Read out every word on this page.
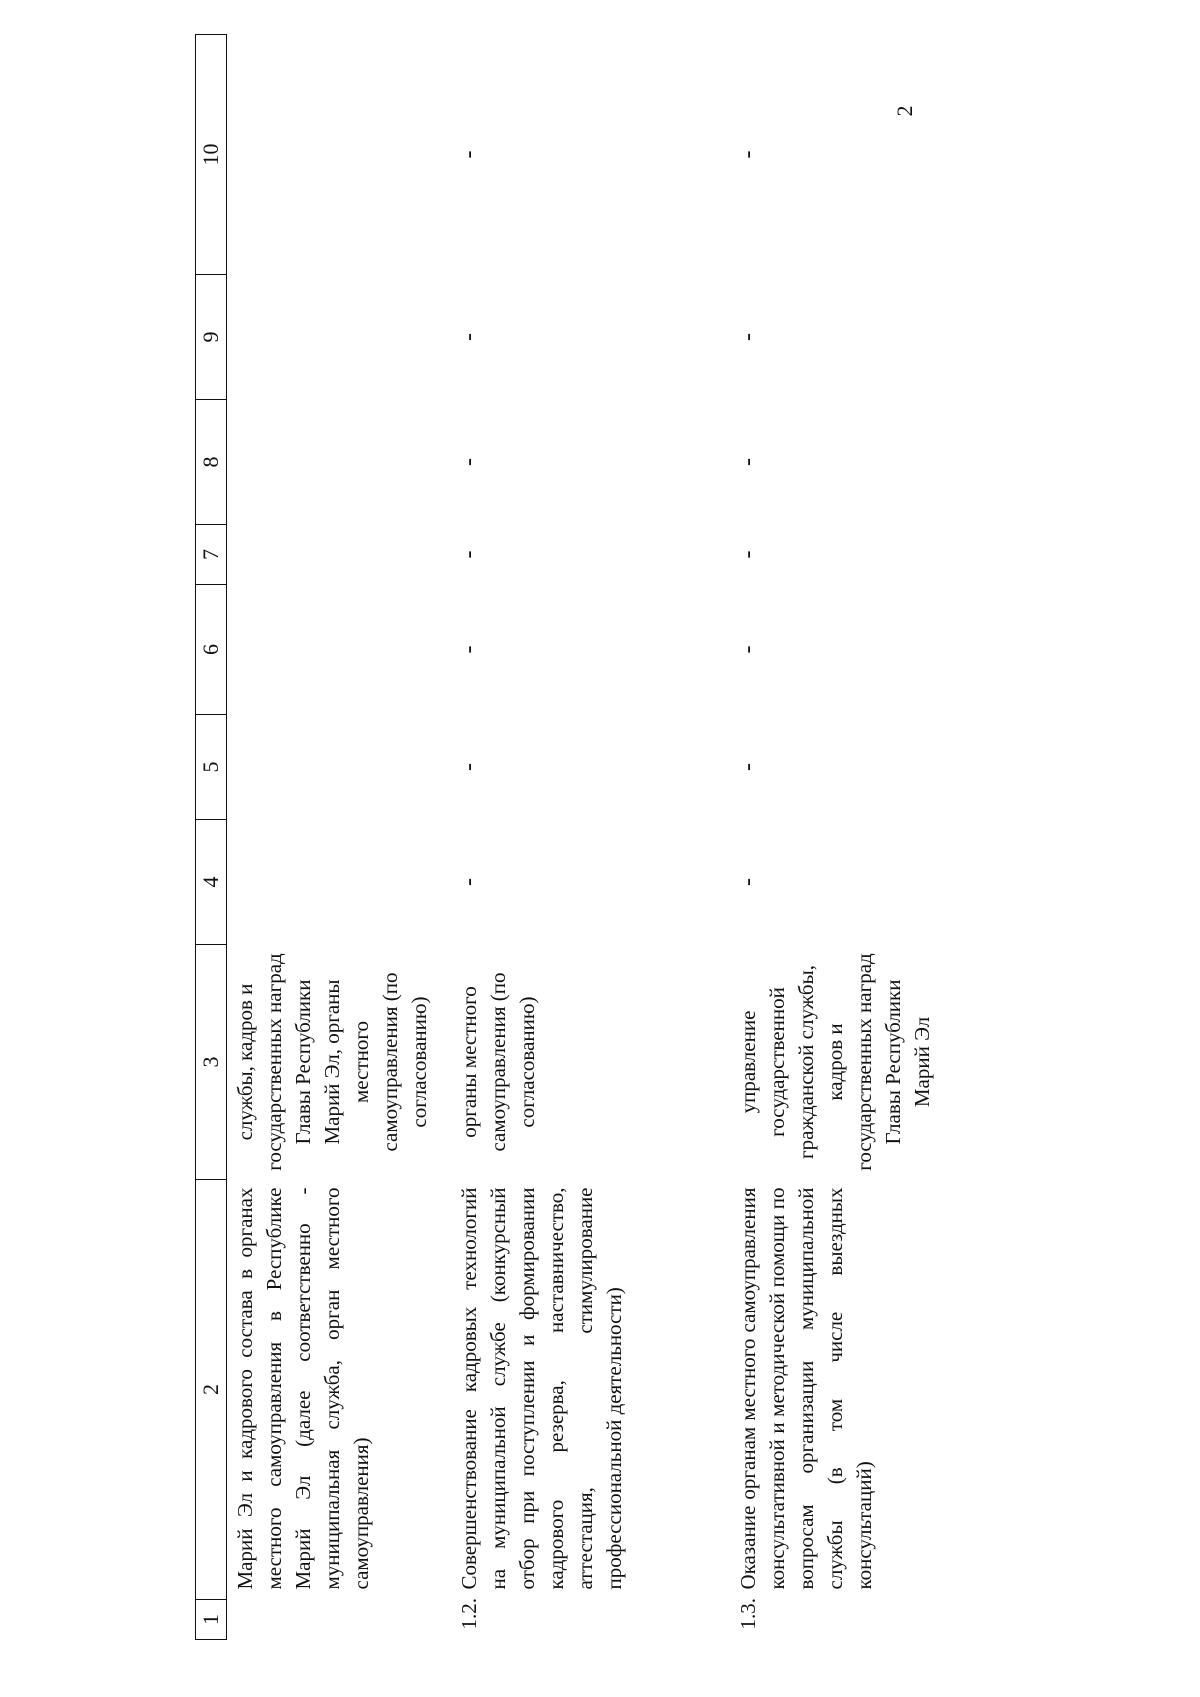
2
1	2	3	4	5	6	7	8	9	10
	Марий Эл и кадрового состава в органах местного самоуправления в Республике Марий Эл (далее соответственно - муниципальная служба, орган местного самоуправления)	службы, кадров и государственных наград Главы Республики Марий Эл, органы местного самоуправления (по согласованию)							
1.2.	Совершенствование кадровых технологий на муниципальной службе (конкурсный отбор при поступлении и формировании кадрового резерва, наставничество, аттестация, стимулирование профессиональной деятельности)	органы местного самоуправления (по согласованию)	-	-	-	-	-	-	-
1.3.	Оказание органам местного самоуправления консультативной и методической помощи по вопросам организации муниципальной службы (в том числе выездных консультаций)	управление государственной гражданской службы, кадров и государственных наград Главы Республики Марий Эл	-	-	-	-	-	-	-
